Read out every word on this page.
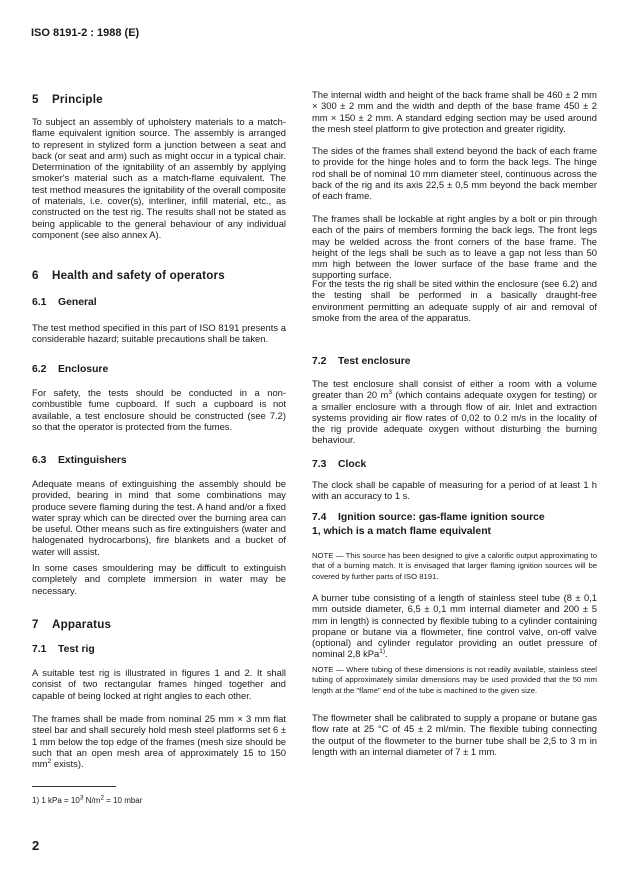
ISO 8191-2 : 1988 (E)
5 Principle

To subject an assembly of upholstery materials to a match-flame equivalent ignition source. The assembly is arranged to represent in stylized form a junction between a seat and back (or seat and arm) such as might occur in a typical chair. Determination of the ignitability of an assembly by applying smoker's material such as a match-flame equivalent. The test method measures the ignitability of the overall composite of materials, i.e. cover(s), interliner, infill material, etc., as constructed on the test rig. The results shall not be stated as being applicable to the general behaviour of any individual component (see also annex A).

6 Health and safety of operators
6.1 General

The test method specified in this part of ISO 8191 presents a considerable hazard; suitable precautions shall be taken.

6.2 Enclosure

For safety, the tests should be conducted in a non-combustible fume cupboard. If such a cupboard is not available, a test enclosure should be constructed (see 7.2) so that the operator is protected from the fumes.

6.3 Extinguishers

Adequate means of extinguishing the assembly should be provided, bearing in mind that some combinations may produce severe flaming during the test. A hand and/or a fixed water spray which can be directed over the burning area can be useful. Other means such as fire extinguishers (water and halogenated hydrocarbons), fire blankets and a bucket of water will assist.

In some cases smouldering may be difficult to extinguish completely and complete immersion in water may be necessary.

7 Apparatus
7.1 Test rig

A suitable test rig is illustrated in figures 1 and 2. It shall consist of two rectangular frames hinged together and capable of being locked at right angles to each other.

The frames shall be made from nominal 25 mm × 3 mm flat steel bar and shall securely hold mesh steel platforms set 6 ± 1 mm below the top edge of the frames (mesh size should be such that an open mesh area of approximately 15 to 150 $mm^2$ exists).

1) 1 kPa = $10^3$ $N/m^2 = 10$ mbar
2

The internal width and height of the back frame shall be 460 ± 2 mm × 300 ± 2 mm and the width and depth of the base frame 450 ± 2 mm × 150 ± 2 mm. A standard edging section may be used around the mesh steel platform to give protection and greater rigidity.

The sides of the frames shall extend beyond the back of each frame to provide for the hinge holes and to form the back legs. The hinge rod shall be of nominal 10 mm diameter steel, continuous across the back of the rig and its axis 22,5 ± 0,5 mm beyond the back member of each frame.

The frames shall be lockable at right angles by a bolt or pin through each of the pairs of members forming the back legs. The front legs may be welded across the front corners of the base frame. The height of the legs shall be such as to leave a gap not less than 50 mm high between the lower surface of the base frame and the supporting surface.

For the tests the rig shall be sited within the enclosure (see 6.2) and the testing shall be performed in a basically draught-free environment permitting an adequate supply of air and removal of smoke from the area of the apparatus.

7.2 Test enclosure

The test enclosure shall consist of either a room with a volume greater than 20 $m^3$ (which contains adequate oxygen for testing) or a smaller enclosure with a through flow of air. Inlet and extraction systems providing air flow rates of 0,02 to 0.2 m/s in the locality of the rig provide adequate oxygen without disturbing the burning behaviour.

7.3 Clock

The clock shall be capable of measuring for a period of at least 1 h with an accuracy to 1 s.

7.4 Ignition source: gas-flame ignition source 1, which is a match flame equivalent

NOTE — This source has been designed to give a calorific output approximating to that of a burning match. It is envisaged that larger flaming ignition sources will be covered by further parts of ISO 8191.

A burner tube consisting of a length of stainless steel tube (8 ± 0,1 mm outside diameter, 6,5 ± 0,1 mm internal diameter and 200 ± 5 mm in length) is connected by flexible tubing to a cylinder containing propane or butane via a flowmeter, fine control valve, on-off valve (optional) and cylinder regulator providing an outlet pressure of nominal 2,8 kPa$^{1)}$.

NOTE — Where tubing of these dimensions is not readily available, stainless steel tubing of approximately similar dimensions may be used provided that the 50 mm length at the "flame" end of the tube is machined to the given size.

The flowmeter shall be calibrated to supply a propane or butane gas flow rate at 25 °C of 45 ± 2 ml/min. The flexible tubing connecting the output of the flowmeter to the burner tube shall be 2,5 to 3 m in length with an internal diameter of 7 ± 1 mm.
